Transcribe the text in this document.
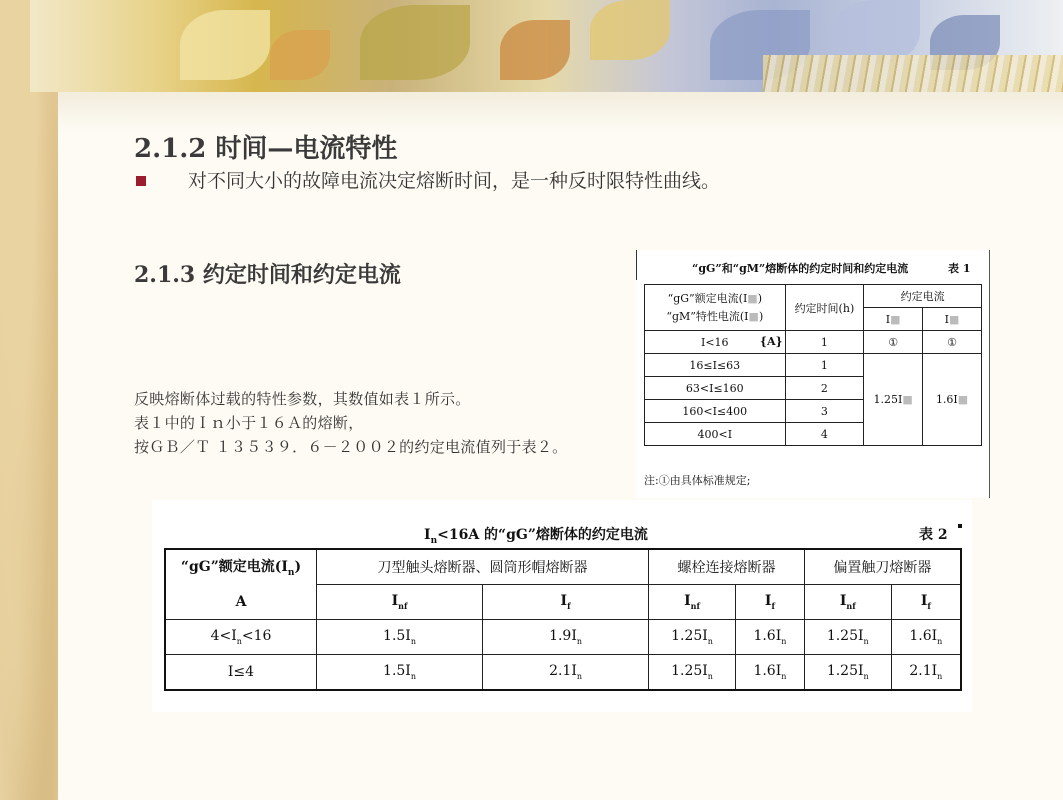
2.1.2 时间—电流特性
对不同大小的故障电流决定熔断时间，是一种反时限特性曲线。
2.1.3 约定时间和约定电流
反映熔断体过载的特性参数，其数值如表１所示。
表１中的Ｉｎ小于１６Ａ的熔断，
按ＧＢ／Ｔ １３５３９．６－２００２的约定电流值列于表２。
“gG”和“gM”熔断体的约定时间和约定电流	表 1
“gG”额定电流(I■)
“gM”特性电流(I■)	约定时间(h)	约定电流	
		I■	I■
I<16 {A}	1	①	①
16≤I≤63	1	1.25I■	1.6I■
63<I≤160	2		
160<I≤400	3		
400<I	4		
注:①由具体标准规定;
$I_n<16A$ 的“gG”熔断体的约定电流	表 2
“gG”额定电流$(I_n)$	刀型触头熔断器、圆筒形帽熔断器		螺栓连接熔断器		偏置触刀熔断器	
A	$I_{nf}$	$I_f$	$I_{nf}$	$I_f$	$I_{nf}$	$I_f$
$4<I_n<16$	$1.5I_n$	$1.9I_n$	$1.25I_n$	$1.6I_n$	$1.25I_n$	$1.6I_n$
I≤4	$1.5I_n$	$2.1I_n$	$1.25I_n$	$1.6I_n$	$1.25I_n$	$2.1I_n$
